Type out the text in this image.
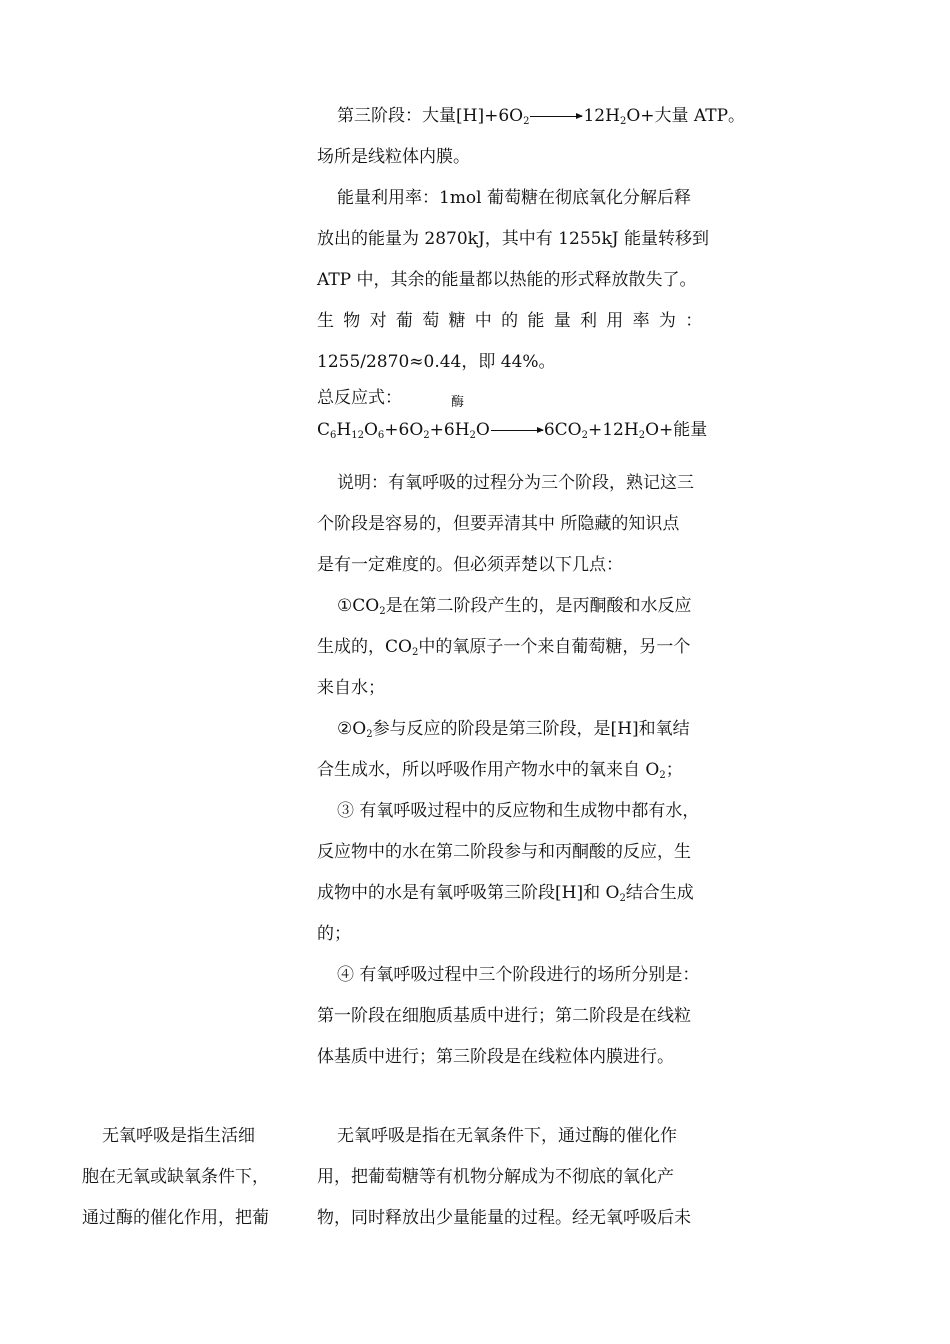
第三阶段：大量$[H]+6O_2\to 12H_2O+$大量 ATP。
场所是线粒体内膜。
能量利用率：1mol 葡萄糖在彻底氧化分解后释
放出的能量为 2870kJ，其中有 1255kJ 能量转移到
ATP 中，其余的能量都以热能的形式释放散失了。
生物对葡萄糖中的能量利用率为：
1255/2870≈0.44，即 44%。
总反应式：	酶
$C_6H_{12}O_6+6O_2+6H_2O\to 6CO_2+12H_2O+$能量
说明：有氧呼吸的过程分为三个阶段，熟记这三
个阶段是容易的，但要弄清其中 所隐藏的知识点
是有一定难度的。但必须弄楚以下几点：
$①CO_2$是在第二阶段产生的，是丙酮酸和水反应
生成的，$CO_2$中的氧原子一个来自葡萄糖，另一个
来自水；
$②O_2$参与反应的阶段是第三阶段，是[H]和氧结
合生成水，所以呼吸作用产物水中的氧来自 $O_2$；
③ 有氧呼吸过程中的反应物和生成物中都有水，
反应物中的水在第二阶段参与和丙酮酸的反应，生
成物中的水是有氧呼吸第三阶段[H]和 $O_2$结合生成
的；
④ 有氧呼吸过程中三个阶段进行的场所分别是：
第一阶段在细胞质基质中进行；第二阶段是在线粒
体基质中进行；第三阶段是在线粒体内膜进行。
无氧呼吸是指生活细
胞在无氧或缺氧条件下，
通过酶的催化作用，把葡
无氧呼吸是指在无氧条件下，通过酶的催化作
用，把葡萄糖等有机物分解成为不彻底的氧化产
物，同时释放出少量能量的过程。经无氧呼吸后未
